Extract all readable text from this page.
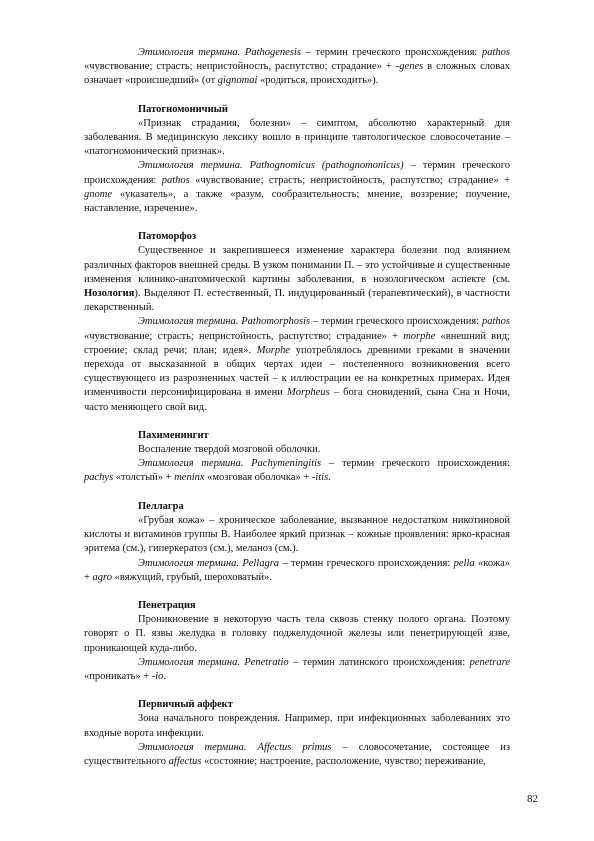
Этимология термина. Pathogenesis – термин греческого происхождения: pathos «чувствование; страсть; непристойность, распутство; страдание» + -genes в сложных словах означает «происшедший» (от gignomai «родиться, происходить»).

Патогномоничный

«Признак страдания, болезни» – симптом, абсолютно характерный для заболевания. В медицинскую лексику вошло в принципе тавтологическое словосочетание – «патогномонический признак».

Этимология термина. Pathognomicus (pathognomonicus) – термин греческого происхождения: pathos «чувствование; страсть; непристойность, распутство; страдание» + gnome «указатель», а также «разум, сообразительность; мнение, воззрение; поучение, наставление, изречение».

Патоморфоз

Существенное и закрепившееся изменение характера болезни под влиянием различных факторов внешней среды. В узком понимании П. – это устойчивые и существенные изменения клинико-анатомической картины заболевания, в нозологическом аспекте (см. Нозология). Выделяют П. естественный, П. индуцированный (терапевтический), в частности лекарственный.

Этимология термина. Pathomorphosis – термин греческого происхождения: pathos «чувствование; страсть; непристойность, распутство; страдание» + morphe «внешний вид; строение; склад речи; план; идея». Morphe употреблялось древними греками в значении перехода от высказанной в общих чертах идеи – постепенного возникновения всего существующего из разрозненных частей – к иллюстрации ее на конкретных примерах. Идея изменчивости персонифицирована в имени Morpheus – бога сновидений, сына Сна и Ночи, часто меняющего свой вид.

Пахименингит

Воспаление твердой мозговой оболочки.

Этимология термина. Pachymeningitis – термин греческого происхождения: pachys «толстый» + meninx «мозговая оболочка» + -itis.

Пеллагра

«Грубая кожа» – хроническое заболевание, вызванное недостатком никотиновой кислоты и витаминов группы В. Наиболее яркий признак – кожные проявления: ярко-красная эритема (см.), гиперкератоз (см.), меланоз (см.).

Этимология термина. Pellagra – термин греческого происхождения: pella «кожа» + agro «вяжущий, грубый, шероховатый».

Пенетрация

Проникновение в некоторую часть тела сквозь стенку полого органа. Поэтому говорят о П. язвы желудка в головку поджелудочной железы или пенетрирующей язве, проникающей куда-либо.

Этимология термина. Penetratio – термин латинского происхождения: penetrare «проникать» + -io.

Первичный аффект

Зона начального повреждения. Например, при инфекционных заболеваниях это входные ворота инфекции.

Этимология термина. Affectus primus – словосочетание, состоящее из существительного affectus «состояние; настроение, расположение, чувство; переживание,

82
